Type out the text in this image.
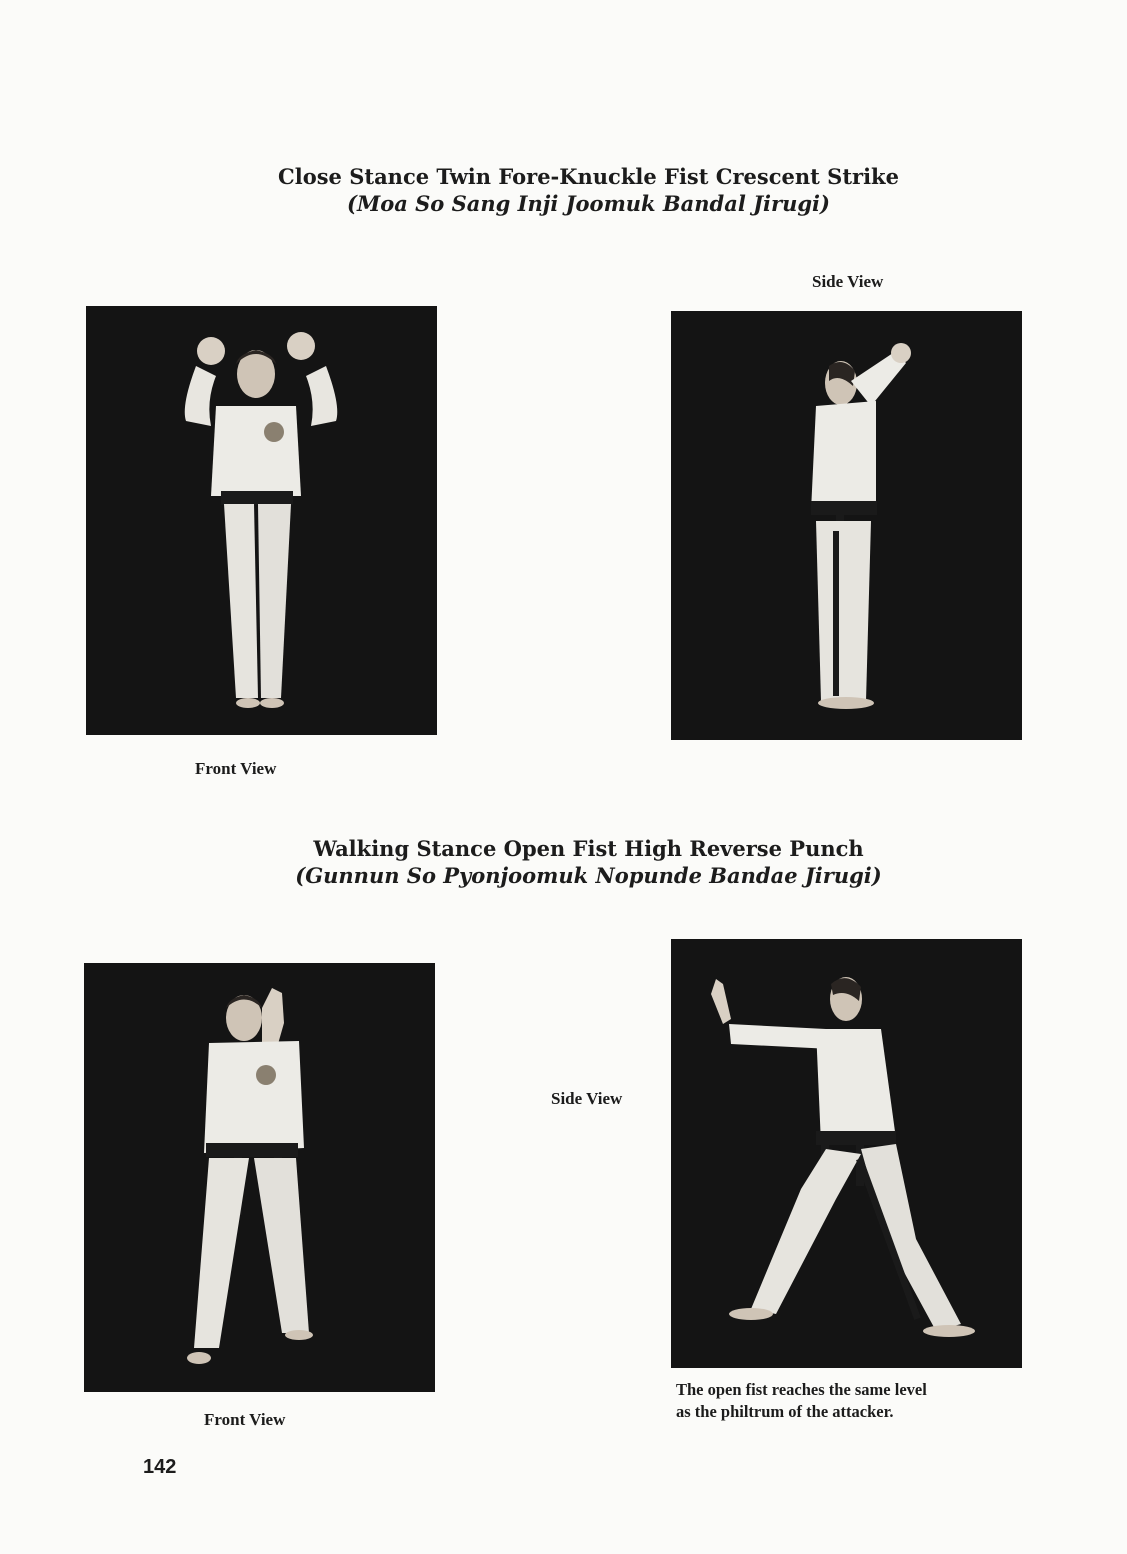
Close Stance Twin Fore-Knuckle Fist Crescent Strike
(Moa So Sang Inji Joomuk Bandal Jirugi)
Side View
Front View
Walking Stance Open Fist High Reverse Punch
(Gunnun So Pyonjoomuk Nopunde Bandae Jirugi)
Side View
The open fist reaches the same level
as the philtrum of the attacker.
Front View
142
